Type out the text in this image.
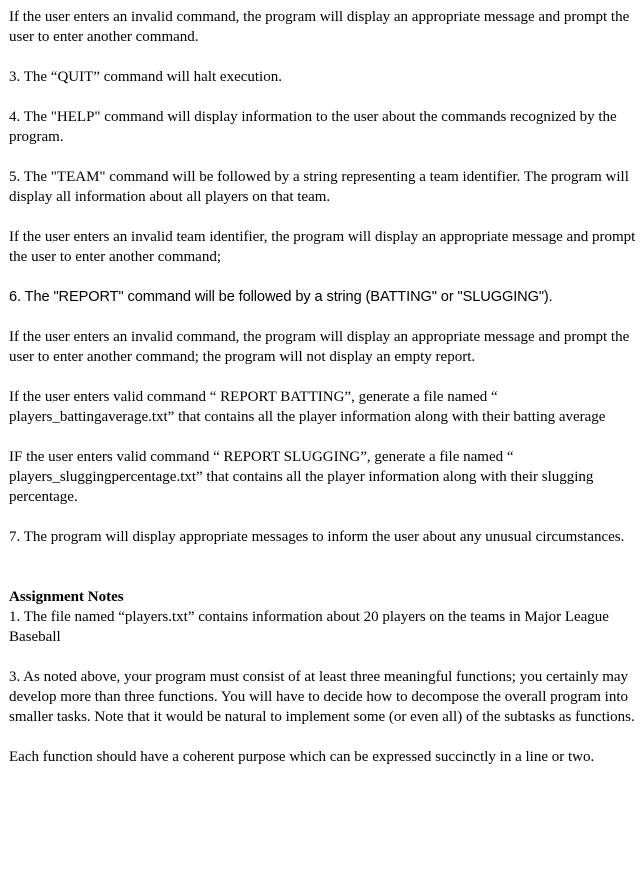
If the user enters an invalid command, the program will display an appropriate message and prompt the user to enter another command.

3. The “QUIT” command will halt execution.

4. The "HELP" command will display information to the user about the commands recognized by the program.

5. The "TEAM" command will be followed by a string representing a team identifier. The program will display all information about all players on that team.

If the user enters an invalid team identifier, the program will display an appropriate message and prompt the user to enter another command;

6. The "REPORT" command will be followed by a string (BATTING" or "SLUGGING").

If the user enters an invalid command, the program will display an appropriate message and prompt the user to enter another command; the program will not display an empty report.

If the user enters valid command “ REPORT BATTING”, generate a file named “ players_battingaverage.txt” that contains all the player information along with their batting average

IF the user enters valid command “ REPORT SLUGGING”, generate a file named “ players_sluggingpercentage.txt” that contains all the player information along with their slugging percentage.

7. The program will display appropriate messages to inform the user about any unusual circumstances.

Assignment Notes

1. The file named “players.txt” contains information about 20 players on the teams in Major League Baseball

3. As noted above, your program must consist of at least three meaningful functions; you certainly may develop more than three functions. You will have to decide how to decompose the overall program into smaller tasks. Note that it would be natural to implement some (or even all) of the subtasks as functions.

Each function should have a coherent purpose which can be expressed succinctly in a line or two.
